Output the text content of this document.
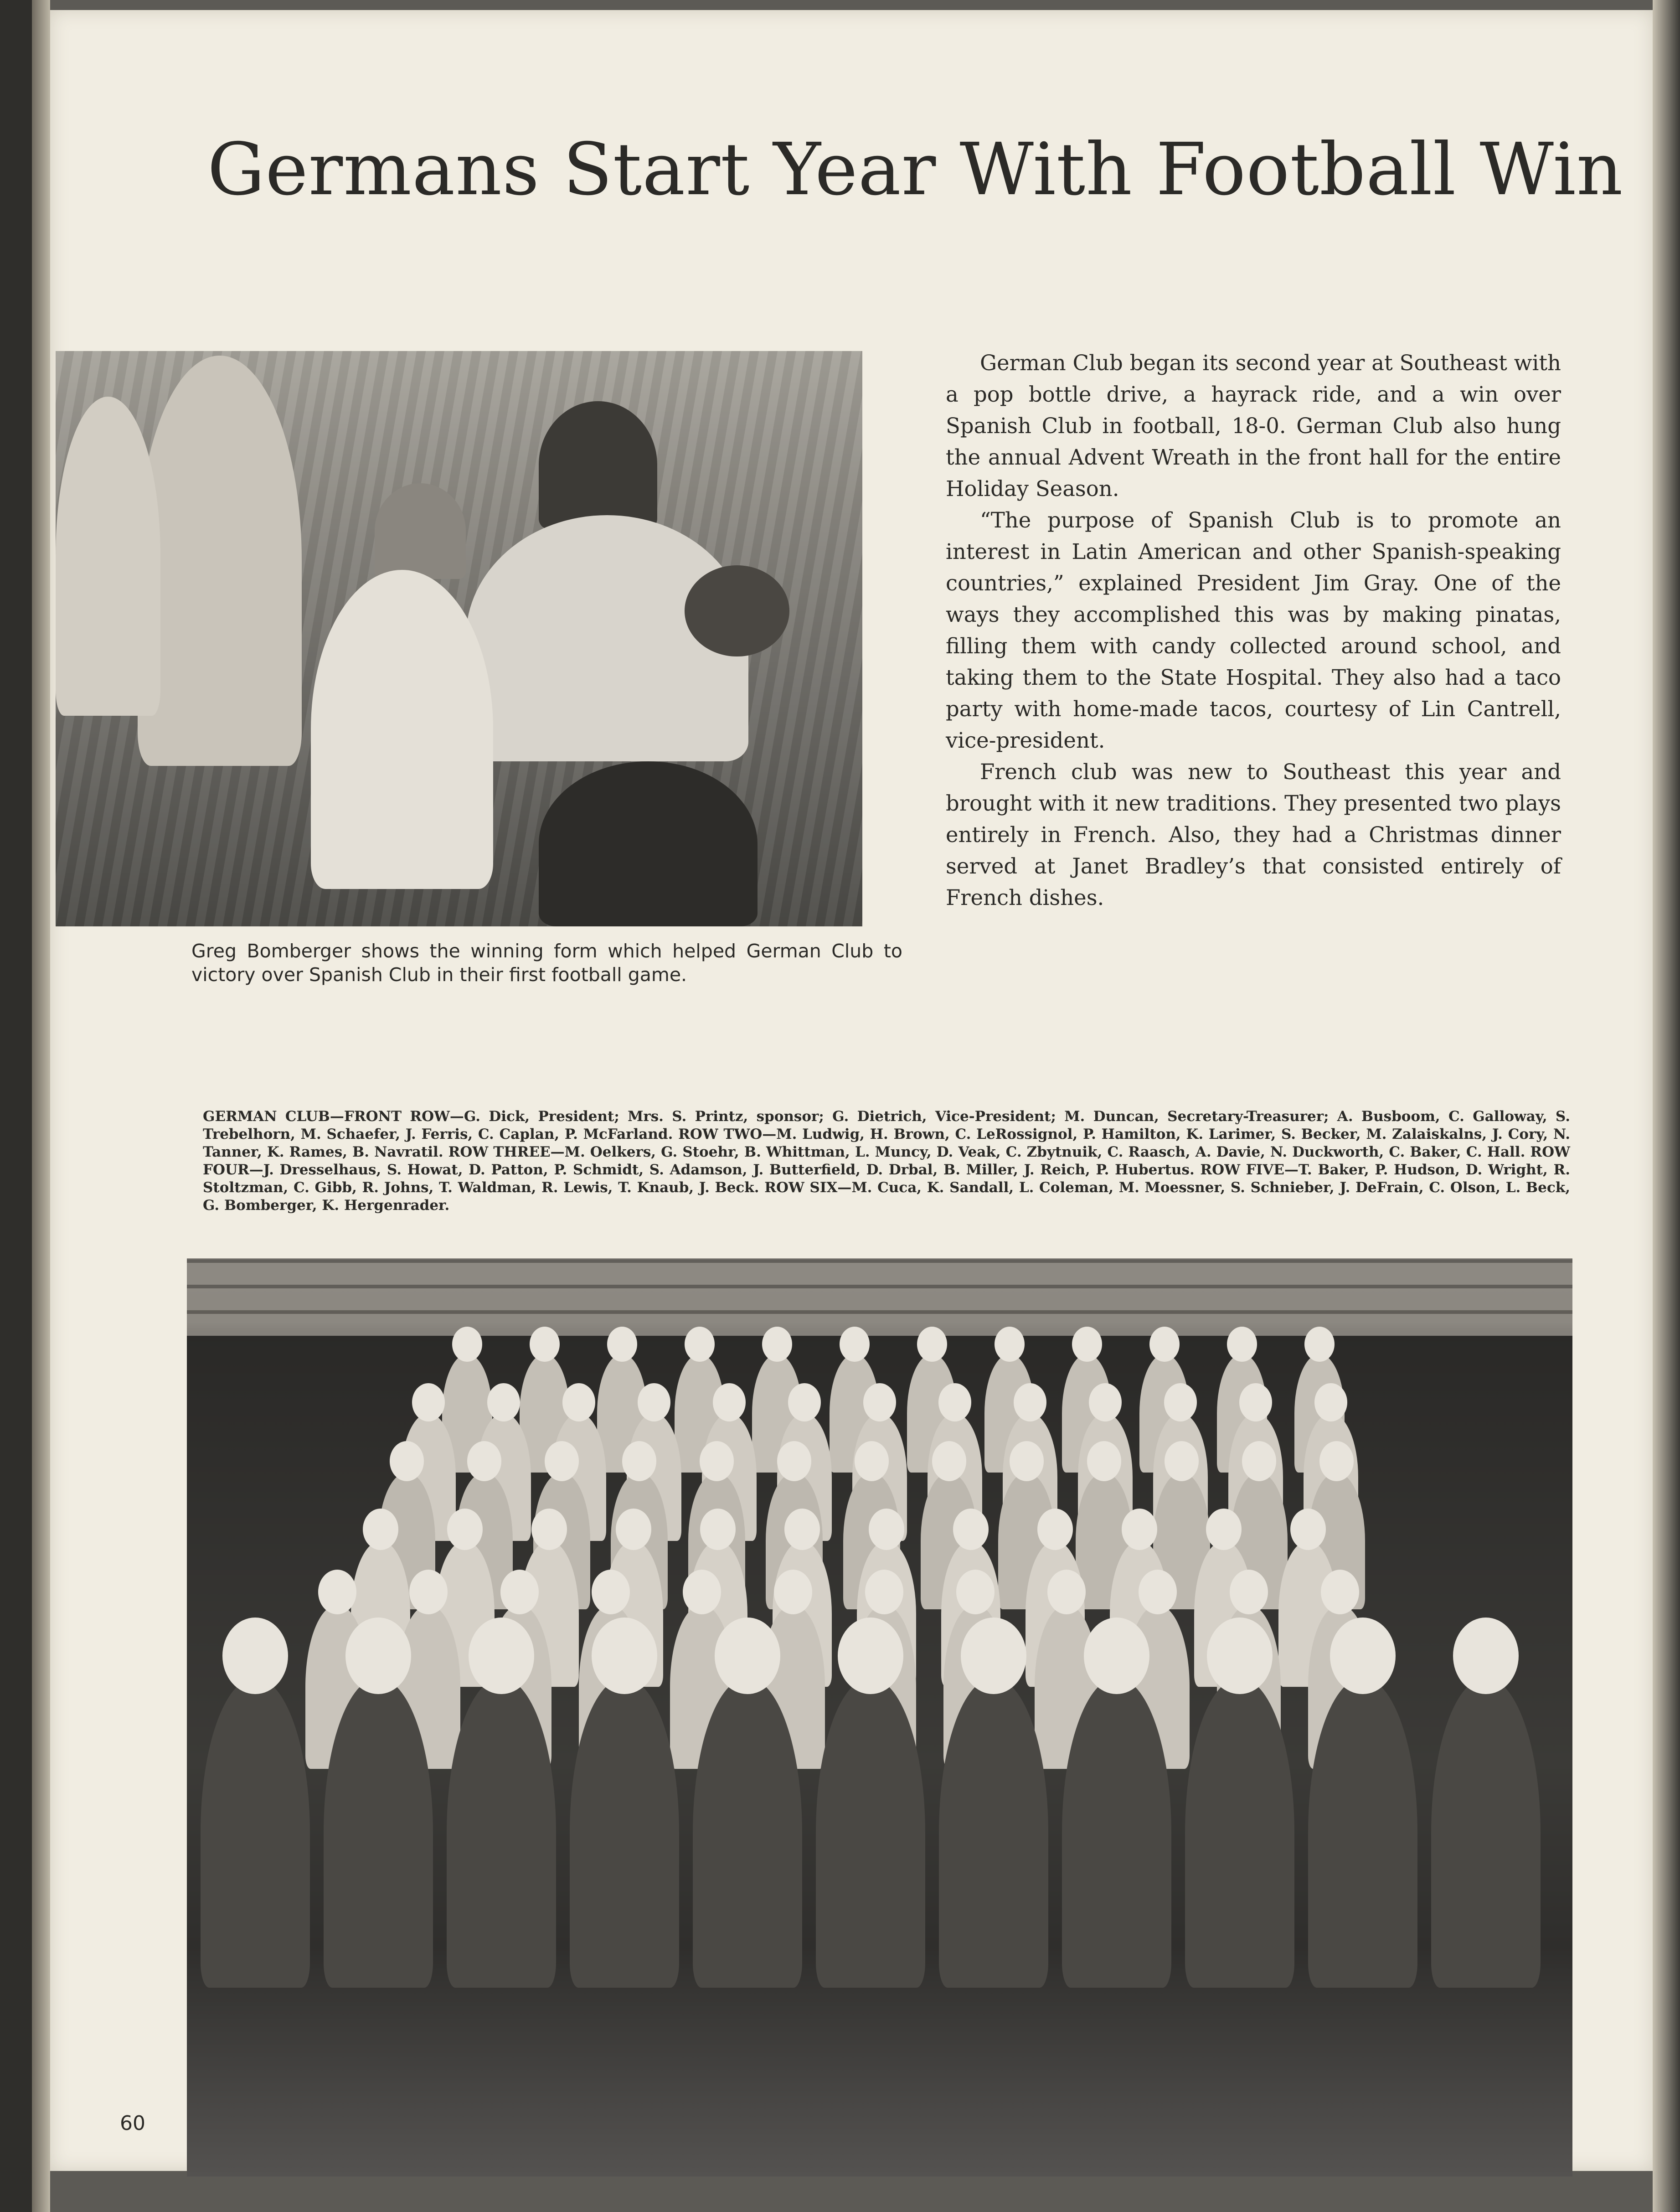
Germans Start Year With Football Win
Greg Bomberger shows the winning form which helped German Club to victory over Spanish Club in their first football game.

German Club began its second year at Southeast with a pop bottle drive, a hayrack ride, and a win over Spanish Club in football, 18-0. German Club also hung the annual Advent Wreath in the front hall for the entire Holiday Season.

“The purpose of Spanish Club is to promote an interest in Latin American and other Spanish-speaking countries,” explained President Jim Gray. One of the ways they accomplished this was by making pinatas, filling them with candy collected around school, and taking them to the State Hospital. They also had a taco party with home-made tacos, courtesy of Lin Cantrell, vice-president.

French club was new to Southeast this year and brought with it new traditions. They presented two plays entirely in French. Also, they had a Christmas dinner served at Janet Bradley’s that consisted entirely of French dishes.

GERMAN CLUB—FRONT ROW—G. Dick, President; Mrs. S. Printz, sponsor; G. Dietrich, Vice-President; M. Duncan, Secretary-Treasurer; A. Busboom, C. Galloway, S. Trebelhorn, M. Schaefer, J. Ferris, C. Caplan, P. McFarland. ROW TWO—M. Ludwig, H. Brown, C. LeRossignol, P. Hamilton, K. Larimer, S. Becker, M. Zalaiskalns, J. Cory, N. Tanner, K. Rames, B. Navratil. ROW THREE—M. Oelkers, G. Stoehr, B. Whittman, L. Muncy, D. Veak, C. Zbytnuik, C. Raasch, A. Davie, N. Duckworth, C. Baker, C. Hall. ROW FOUR—J. Dresselhaus, S. Howat, D. Patton, P. Schmidt, S. Adamson, J. Butterfield, D. Drbal, B. Miller, J. Reich, P. Hubertus. ROW FIVE—T. Baker, P. Hudson, D. Wright, R. Stoltzman, C. Gibb, R. Johns, T. Waldman, R. Lewis, T. Knaub, J. Beck. ROW SIX—M. Cuca, K. Sandall, L. Coleman, M. Moessner, S. Schnieber, J. DeFrain, C. Olson, L. Beck, G. Bomberger, K. Hergenrader.
60
